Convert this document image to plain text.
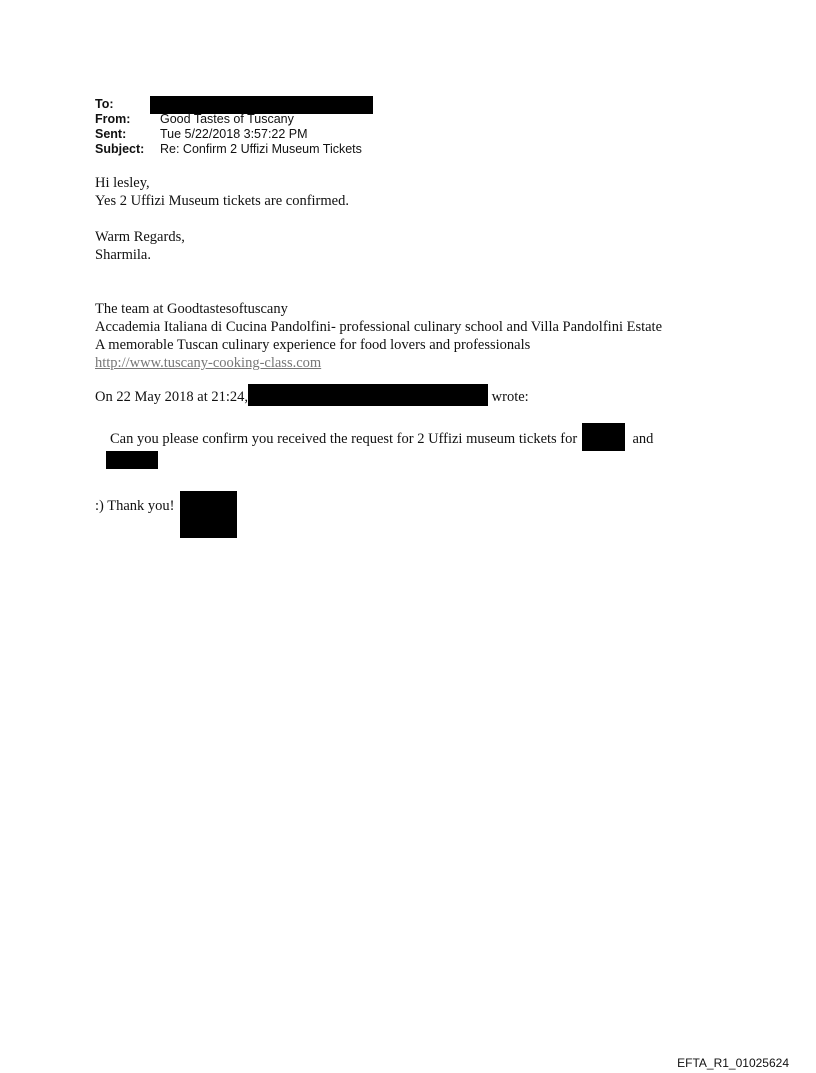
To:
From:	Good Tastes of Tuscany
Sent:	Tue 5/22/2018 3:57:22 PM
Subject:	Re: Confirm 2 Uffizi Museum Tickets

Hi lesley,

Yes 2 Uffizi Museum tickets are confirmed.

Warm Regards,

Sharmila.

The team at Goodtastesoftuscany

Accademia Italiana di Cucina Pandolfini- professional culinary school and Villa Pandolfini Estate

A memorable Tuscan culinary experience for food lovers and professionals

http://www.tuscany-cooking-class.com

On 22 May 2018 at 21:24,	wrote:

Can you please confirm you received the request for 2 Uffizi museum tickets for	and

:) Thank you!

EFTA_R1_01025624
